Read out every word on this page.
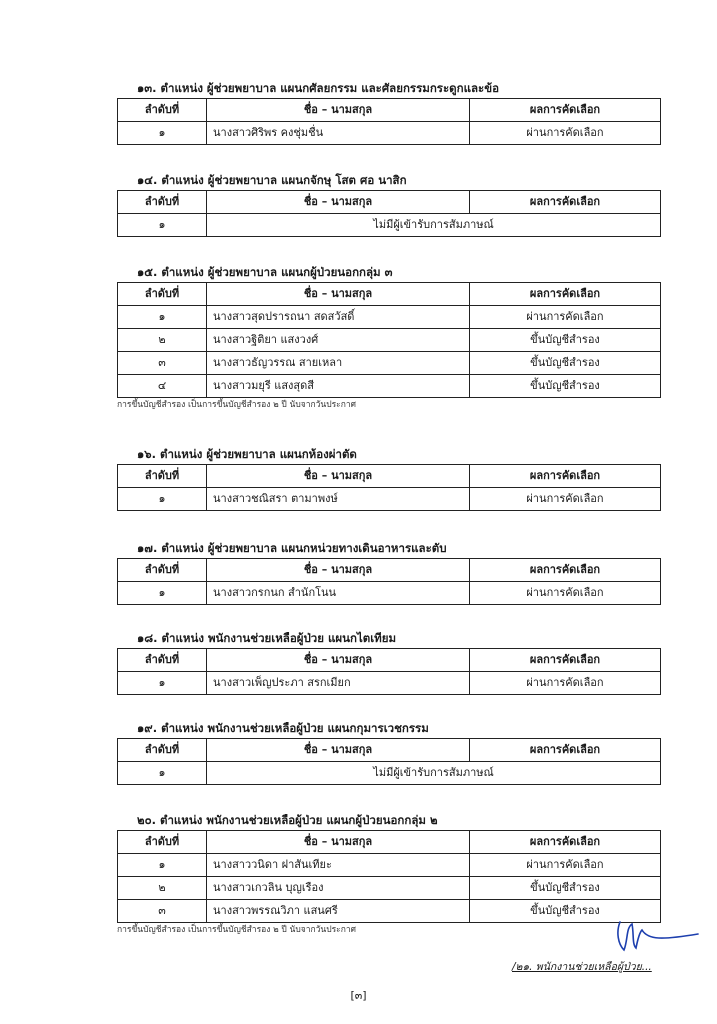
๑๓. ตำแหน่ง ผู้ช่วยพยาบาล แผนกศัลยกรรม และศัลยกรรมกระดูกและข้อ
ลำดับที่	ชื่อ – นามสกุล	ผลการคัดเลือก
๑	นางสาวศิริพร คงชุ่มชื่น	ผ่านการคัดเลือก
๑๔. ตำแหน่ง ผู้ช่วยพยาบาล แผนกจักษุ โสต ศอ นาสิก
ลำดับที่	ชื่อ – นามสกุล	ผลการคัดเลือก
๑	ไม่มีผู้เข้ารับการสัมภาษณ์	
๑๕. ตำแหน่ง ผู้ช่วยพยาบาล แผนกผู้ป่วยนอกกลุ่ม ๓
ลำดับที่	ชื่อ – นามสกุล	ผลการคัดเลือก
๑	นางสาวสุดปรารถนา สดสวัสดิ์	ผ่านการคัดเลือก
๒	นางสาวฐิติยา แสงวงศ์	ขึ้นบัญชีสำรอง
๓	นางสาวธัญวรรณ สายเหลา	ขึ้นบัญชีสำรอง
๔	นางสาวมยุรี แสงสุดสี	ขึ้นบัญชีสำรอง
การขึ้นบัญชีสำรอง เป็นการขึ้นบัญชีสำรอง ๒ ปี นับจากวันประกาศ
๑๖. ตำแหน่ง ผู้ช่วยพยาบาล แผนกห้องผ่าตัด
ลำดับที่	ชื่อ – นามสกุล	ผลการคัดเลือก
๑	นางสาวชณิสรา ตามาพงษ์	ผ่านการคัดเลือก
๑๗. ตำแหน่ง ผู้ช่วยพยาบาล แผนกหน่วยทางเดินอาหารและตับ
ลำดับที่	ชื่อ – นามสกุล	ผลการคัดเลือก
๑	นางสาวกรกนก สำนักโนน	ผ่านการคัดเลือก
๑๘. ตำแหน่ง พนักงานช่วยเหลือผู้ป่วย แผนกไตเทียม
ลำดับที่	ชื่อ – นามสกุล	ผลการคัดเลือก
๑	นางสาวเพ็ญประภา สรกเมียก	ผ่านการคัดเลือก
๑๙. ตำแหน่ง พนักงานช่วยเหลือผู้ป่วย แผนกกุมารเวชกรรม
ลำดับที่	ชื่อ – นามสกุล	ผลการคัดเลือก
๑	ไม่มีผู้เข้ารับการสัมภาษณ์	
๒๐. ตำแหน่ง พนักงานช่วยเหลือผู้ป่วย แผนกผู้ป่วยนอกกลุ่ม ๒
ลำดับที่	ชื่อ – นามสกุล	ผลการคัดเลือก
๑	นางสาววนิดา ฝาสันเทียะ	ผ่านการคัดเลือก
๒	นางสาวเกวลิน บุญเรือง	ขึ้นบัญชีสำรอง
๓	นางสาวพรรณวิภา แสนศรี	ขึ้นบัญชีสำรอง
การขึ้นบัญชีสำรอง เป็นการขึ้นบัญชีสำรอง ๒ ปี นับจากวันประกาศ
/๒๑. พนักงานช่วยเหลือผู้ป่วย...
[๓]
